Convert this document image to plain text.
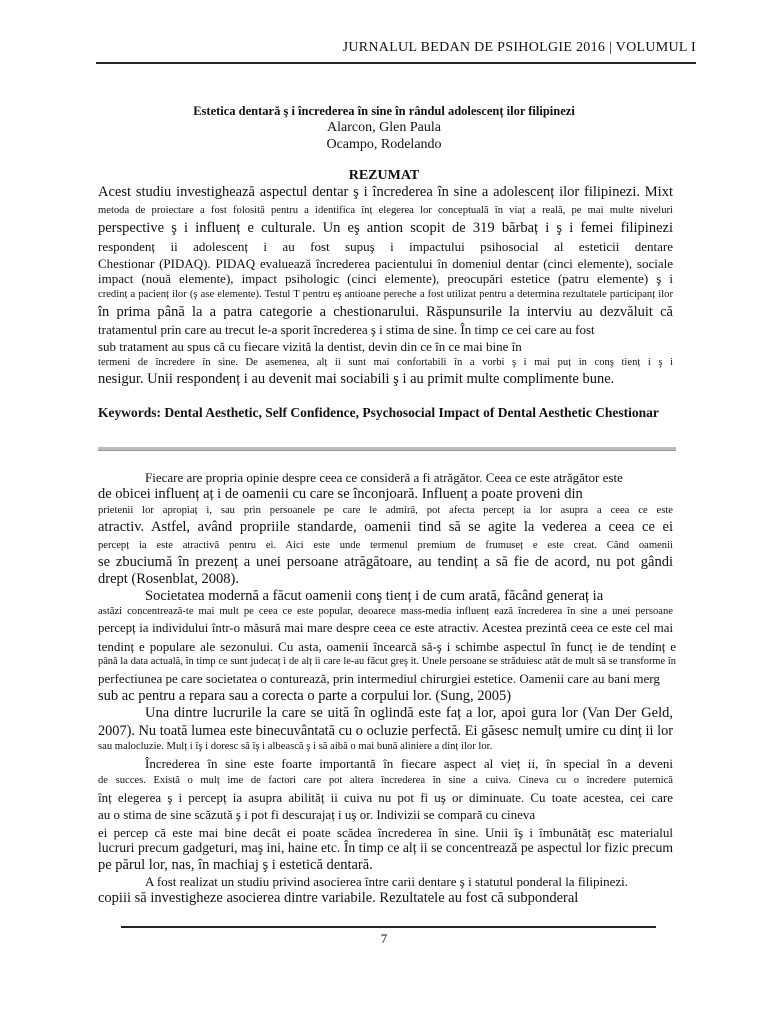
JURNALUL BEDAN DE PSIHOLGIE 2016 | VOLUMUL I
Estetica dentară ş i încrederea în sine în rândul adolescenț ilor filipinezi
Alarcon, Glen Paula
Ocampo, Rodelando
REZUMAT
Acest studiu investighează aspectul dentar ş i încrederea în sine a adolescenț ilor filipinezi. Mixt
metoda de proiectare a fost folosită pentru a identifica înț elegerea lor conceptuală în viaț a reală, pe mai multe niveluri
perspective ş i influenț e culturale. Un eş antion scopit de 319 bărbaț i ş i femei filipinezi
respondenț ii adolescenț i au fost supuş i impactului psihosocial al esteticii dentare
Chestionar (PIDAQ). PIDAQ evaluează încrederea pacientului în domeniul dentar (cinci elemente), sociale
impact (nouă elemente), impact psihologic (cinci elemente), preocupări estetice (patru elemente) ş i
credinț a pacienț ilor (ş ase elemente). Testul T pentru eş antioane pereche a fost utilizat pentru a determina rezultatele participanț ilor
în prima până la a patra categorie a chestionarului. Răspunsurile la interviu au dezvăluit că
tratamentul prin care au trecut le-a sporit încrederea ş i stima de sine. În timp ce cei care au fost
sub tratament au spus că cu fiecare vizită la dentist, devin din ce în ce mai bine în
termeni de încredere în sine. De asemenea, alț ii sunt mai confortabili în a vorbi ş i mai puț in conş tienț i ş i
nesigur. Unii respondenț i au devenit mai sociabili ş i au primit multe complimente bune.
Keywords: Dental Aesthetic, Self Confidence, Psychosocial Impact of Dental Aesthetic Chestionar
Fiecare are propria opinie despre ceea ce consideră a fi atrăgător. Ceea ce este atrăgător este
de obicei influenț aț i de oamenii cu care se înconjoară. Influenț a poate proveni din
prietenii lor apropiaț i, sau prin persoanele pe care le admiră, pot afecta percepț ia lor asupra a ceea ce este
atractiv. Astfel, având propriile standarde, oamenii tind să se agite la vederea a ceea ce ei
percepț ia este atractivă pentru ei. Aici este unde termenul premium de frumuseț e este creat. Când oamenii
se zbuciumă în prezenț a unei persoane atrăgătoare, au tendinț a să fie de acord, nu pot gândi
drept (Rosenblat, 2008).
Societatea modernă a făcut oamenii conş tienț i de cum arată, făcând generaț ia
astăzi concentrează-te mai mult pe ceea ce este popular, deoarece mass-media influenț ează încrederea în sine a unei persoane
percepț ia individului într-o măsură mai mare despre ceea ce este atractiv. Acestea prezintă ceea ce este cel mai
tendinț e populare ale sezonului. Cu asta, oamenii încearcă să-ş i schimbe aspectul în funcț ie de tendinț e
până la data actuală, în timp ce sunt judecaț i de alț ii care le-au făcut greş it. Unele persoane se străduiesc atât de mult să se transforme în
perfectiunea pe care societatea o conturează, prin intermediul chirurgiei estetice. Oamenii care au bani merg
sub ac pentru a repara sau a corecta o parte a corpului lor. (Sung, 2005)
Una dintre lucrurile la care se uită în oglindă este faț a lor, apoi gura lor (Van Der Geld,
2007). Nu toată lumea este binecuvântată cu o ocluzie perfectă. Ei găsesc nemulț umire cu dinț ii lor
sau malocluzie. Mulț i îş i doresc să îş i albească ş i să aibă o mai bună aliniere a dinț ilor lor.
Încrederea în sine este foarte importantă în fiecare aspect al vieț ii, în special în a deveni
de succes. Există o mulț ime de factori care pot altera încrederea în sine a cuiva. Cineva cu o încredere puternică
înț elegerea ş i percepț ia asupra abilităț ii cuiva nu pot fi uş or diminuate. Cu toate acestea, cei care
au o stima de sine scăzută ş i pot fi descurajaț i uş or. Indivizii se compară cu cineva
ei percep că este mai bine decât ei poate scădea încrederea în sine. Unii îş i îmbunătăț esc materialul
lucruri precum gadgeturi, maş ini, haine etc. În timp ce alț ii se concentrează pe aspectul lor fizic precum
pe părul lor, nas, în machiaj ş i estetică dentară.
A fost realizat un studiu privind asocierea între carii dentare ş i statutul ponderal la filipinezi.
copiii să investigheze asocierea dintre variabile. Rezultatele au fost că subponderal
7
